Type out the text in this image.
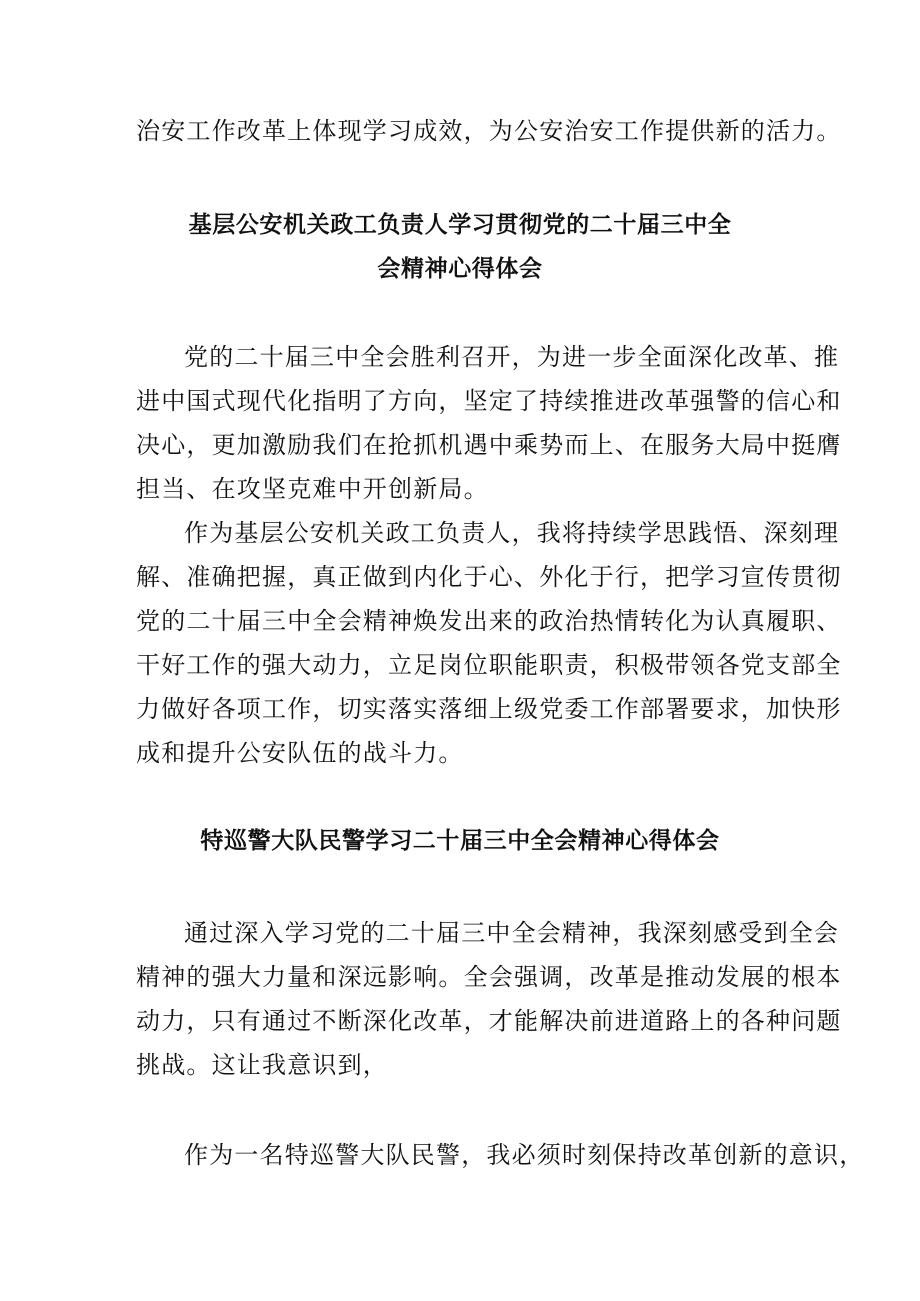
治安工作改革上体现学习成效，为公安治安工作提供新的活力。
基层公安机关政工负责人学习贯彻党的二十届三中全
会精神心得体会
党的二十届三中全会胜利召开，为进一步全面深化改革、推
进中国式现代化指明了方向，坚定了持续推进改革强警的信心和
决心，更加激励我们在抢抓机遇中乘势而上、在服务大局中挺膺
担当、在攻坚克难中开创新局。
作为基层公安机关政工负责人，我将持续学思践悟、深刻理
解、准确把握，真正做到内化于心、外化于行，把学习宣传贯彻
党的二十届三中全会精神焕发出来的政治热情转化为认真履职、
干好工作的强大动力，立足岗位职能职责，积极带领各党支部全
力做好各项工作，切实落实落细上级党委工作部署要求，加快形
成和提升公安队伍的战斗力。
特巡警大队民警学习二十届三中全会精神心得体会
通过深入学习党的二十届三中全会精神，我深刻感受到全会
精神的强大力量和深远影响。全会强调，改革是推动发展的根本
动力，只有通过不断深化改革，才能解决前进道路上的各种问题
挑战。这让我意识到，
作为一名特巡警大队民警，我必须时刻保持改革创新的意识，
